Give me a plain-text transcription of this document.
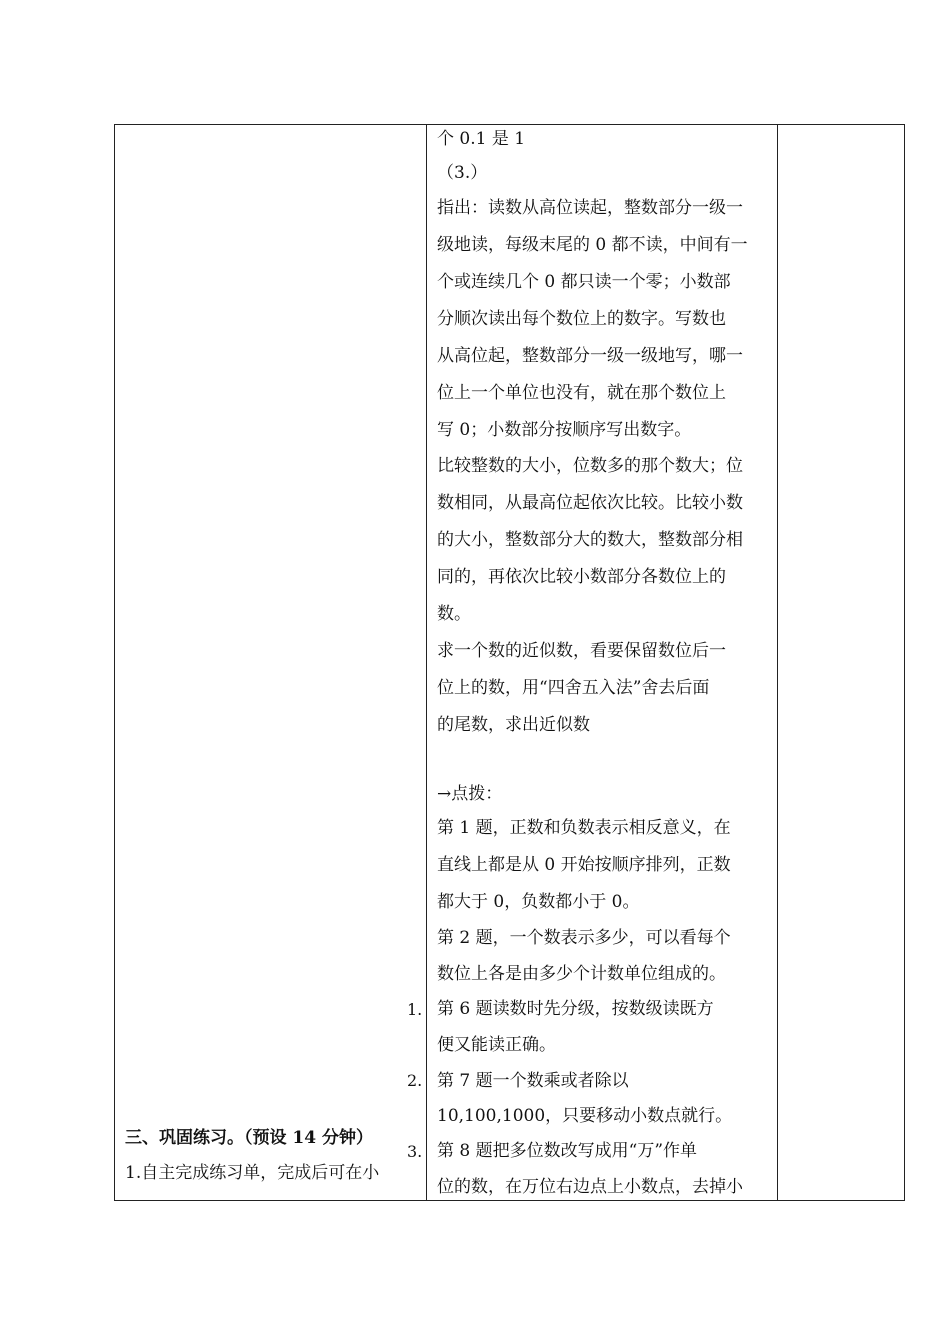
个 0.1 是 1
（3.）
指出：读数从高位读起，整数部分一级一
级地读，每级末尾的 0 都不读，中间有一
个或连续几个 0 都只读一个零；小数部
分顺次读出每个数位上的数字。写数也
从高位起，整数部分一级一级地写，哪一
位上一个单位也没有，就在那个数位上
写 0；小数部分按顺序写出数字。
比较整数的大小，位数多的那个数大；位
数相同，从最高位起依次比较。比较小数
的大小，整数部分大的数大，整数部分相
同的，再依次比较小数部分各数位上的
数。
求一个数的近似数，看要保留数位后一
位上的数，用“四舍五入法”舍去后面
的尾数，求出近似数
→点拨：
第 1 题，正数和负数表示相反意义，在
直线上都是从 0 开始按顺序排列，正数
都大于 0，负数都小于 0。
第 2 题，一个数表示多少，可以看每个
数位上各是由多少个计数单位组成的。
第 6 题读数时先分级，按数级读既方
便又能读正确。
第 7 题一个数乘或者除以
10,100,1000，只要移动小数点就行。
第 8 题把多位数改写成用“万”作单
位的数，在万位右边点上小数点，去掉小
1.
2.
3.
三、巩固练习。（预设 14 分钟）
1.自主完成练习单，完成后可在小
